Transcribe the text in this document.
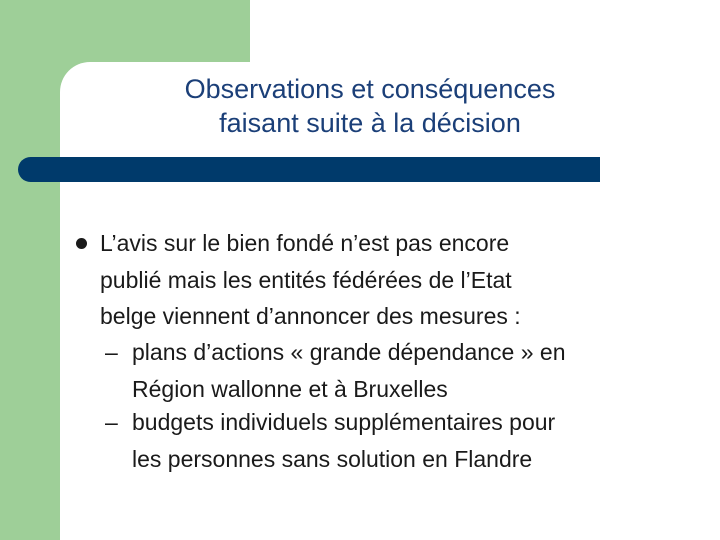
Observations et conséquences
faisant suite à la décision
L’avis sur le bien fondé n’est pas encore
publié mais les entités fédérées de l’Etat
belge viennent d’annoncer des mesures :
– plans d’actions « grande dépendance » en
Région wallonne et à Bruxelles
– budgets individuels supplémentaires pour
les personnes sans solution en Flandre
